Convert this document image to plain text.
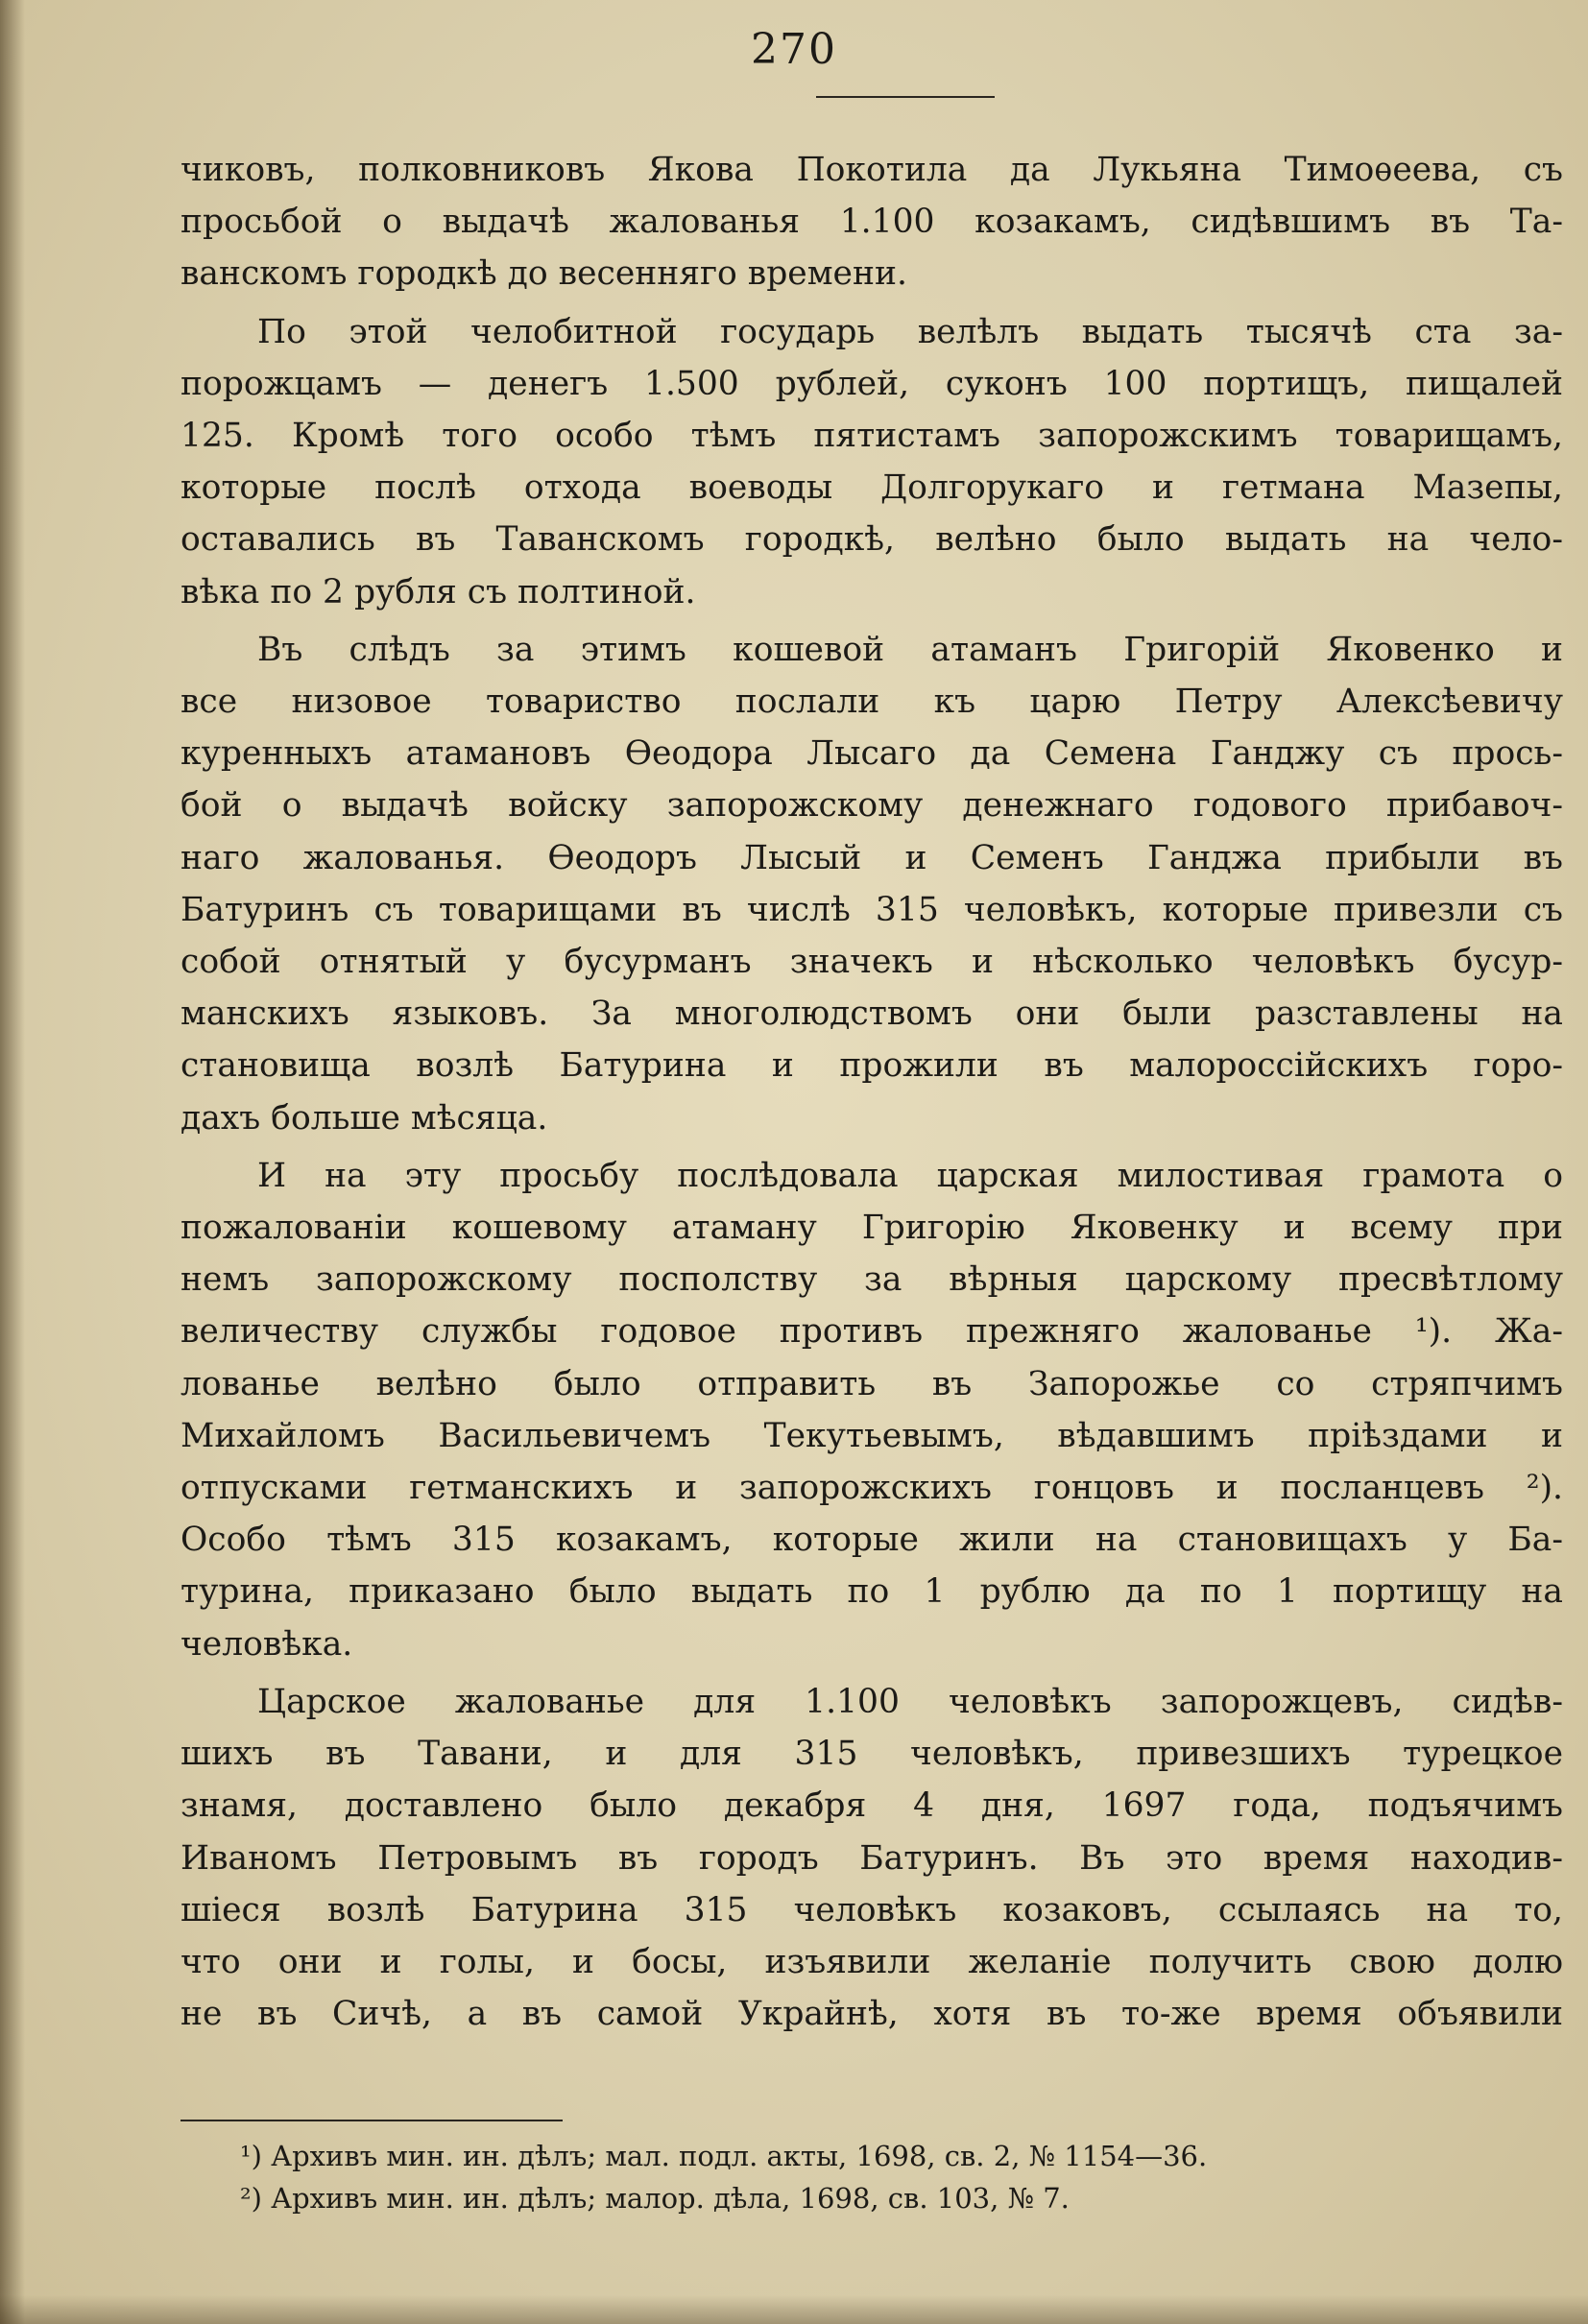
270
чиковъ, полковниковъ Якова Покотила да Лукьяна Тимоѳеева, съ
просьбой о выдачѣ жалованья 1.100 козакамъ, сидѣвшимъ въ Та-
ванскомъ городкѣ до весенняго времени.
По этой челобитной государь велѣлъ выдать тысячѣ ста за-
порожцамъ — денегъ 1.500 рублей, суконъ 100 портищъ, пищалей
125. Кромѣ того особо тѣмъ пятистамъ запорожскимъ товарищамъ,
которые послѣ отхода воеводы Долгорукаго и гетмана Мазепы,
оставались въ Таванскомъ городкѣ, велѣно было выдать на чело-
вѣка по 2 рубля съ полтиной.
Въ слѣдъ за этимъ кошевой атаманъ Григорій Яковенко и
все низовое товариство послали къ царю Петру Алексѣевичу
куренныхъ атамановъ Ѳеодора Лысаго да Семена Ганджу съ прось-
бой о выдачѣ войску запорожскому денежнаго годового прибавоч-
наго жалованья. Ѳеодоръ Лысый и Семенъ Ганджа прибыли въ
Батуринъ съ товарищами въ числѣ 315 человѣкъ, которые привезли съ
собой отнятый у бусурманъ значекъ и нѣсколько человѣкъ бусур-
манскихъ языковъ. За многолюдствомъ они были разставлены на
становища возлѣ Батурина и прожили въ малороссійскихъ горо-
дахъ больше мѣсяца.
И на эту просьбу послѣдовала царская милостивая грамота о
пожалованіи кошевому атаману Григорію Яковенку и всему при
немъ запорожскому посполству за вѣрныя царскому пресвѣтлому
величеству службы годовое противъ прежняго жалованье ¹). Жа-
лованье велѣно было отправить въ Запорожье со стряпчимъ
Михайломъ Васильевичемъ Текутьевымъ, вѣдавшимъ пріѣздами и
отпусками гетманскихъ и запорожскихъ гонцовъ и посланцевъ ²).
Особо тѣмъ 315 козакамъ, которые жили на становищахъ у Ба-
турина, приказано было выдать по 1 рублю да по 1 портищу на
человѣка.
Царское жалованье для 1.100 человѣкъ запорожцевъ, сидѣв-
шихъ въ Тавани, и для 315 человѣкъ, привезшихъ турецкое
знамя, доставлено было декабря 4 дня, 1697 года, подъячимъ
Иваномъ Петровымъ въ городъ Батуринъ. Въ это время находив-
шіеся возлѣ Батурина 315 человѣкъ козаковъ, ссылаясь на то,
что они и голы, и босы, изъявили желаніе получить свою долю
не въ Сичѣ, а въ самой Украйнѣ, хотя въ то-же время объявили
¹) Архивъ мин. ин. дѣлъ; мал. подл. акты, 1698, св. 2, № 1154—36.
²) Архивъ мин. ин. дѣлъ; малор. дѣла, 1698, св. 103, № 7.
